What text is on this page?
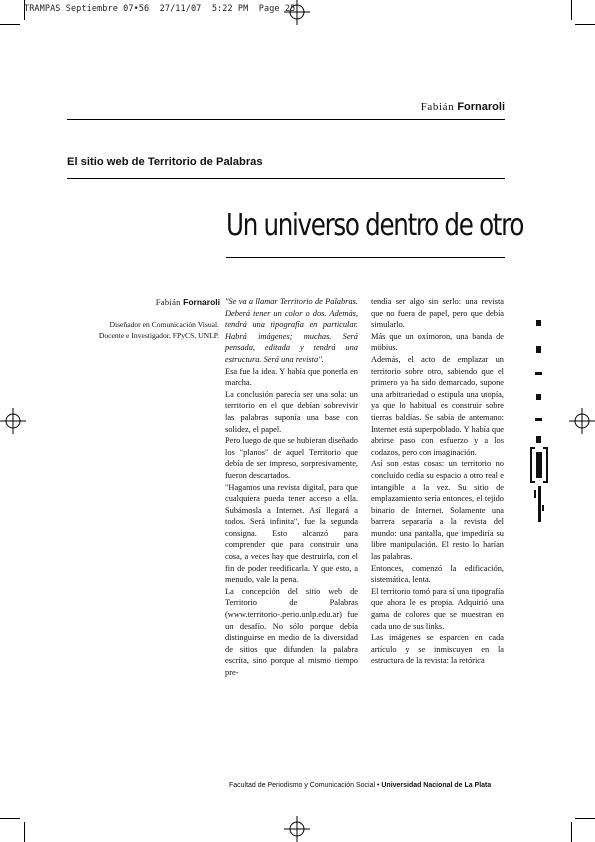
TRAMPAS Septiembre 07•56  27/11/07  5:22 PM  Page 25
Fabián Fornaroli
El sitio web de Territorio de Palabras
Un universo dentro de otro
Fabián Fornaroli
Diseñador en Comunicación Visual.
Docente e Investigador, FPyCS, UNLP.

"Se va a llamar Territorio de Palabras. Deberá tener un color o dos. Además, tendrá una tipografía en particular. Habrá imágenes; muchas. Será pensada, editada y tendrá una estructura. Será una revista".

Esa fue la idea. Y había que ponerla en marcha.

La conclusión parecía ser una sola: un territorio en el que debían sobrevivir las palabras suponía una base con solidez, el papel.

Pero luego de que se hubieran diseñado los "planos" de aquel Territorio que debía de ser impreso, sorpresivamente, fueron descartados.

"Hagamos una revista digital, para que cualquiera pueda tener acceso a ella. Subámosla a Internet. Así llegará a todos. Será infinita", fue la segunda consigna. Esto alcanzó para comprender que para construir una cosa, a veces hay que destruirla, con el fin de poder reedificarla. Y que esto, a menudo, vale la pena.

La concepción del sitio web de Territorio de Palabras (www.territorio-.perio.unlp.edu.ar) fue un desafío. No sólo porque debía distinguirse en medio de la diversidad de sitios que difunden la palabra escrita, sino porque al mismo tiempo pre-

tendía ser algo sin serlo: una revista que no fuera de papel, pero que debía simularlo.

Más que un oxímoron, una banda de möbius.

Además, el acto de emplazar un territorio sobre otro, sabiendo que el primero ya ha sido demarcado, supone una arbitrariedad o estipula una utopía, ya que lo habitual es construir sobre tierras baldías. Se sabía de antemano: Internet está superpoblado. Y había que abrirse paso con esfuerzo y a los codazos, pero con imaginación.

Así son estas cosas: un territorio no concluido cedía su espacio a otro real e intangible a la vez. Su sitio de emplazamiento sería entonces, el tejido binario de Internet. Solamente una barrera separaría a la revista del mundo: una pantalla, que impediría su libre manipulación. El resto lo harían las palabras.

Entonces, comenzó la edificación, sistemática, lenta.

El territorio tomó para sí una tipografía que ahora le es propia. Adquirió una gama de colores que se muestran en cada uno de sus links.

Las imágenes se esparcen en cada artículo y se inmiscuyen en la estructura de la revista: la retórica

Facultad de Periodismo y Comunicación Social • Universidad Nacional de La Plata
